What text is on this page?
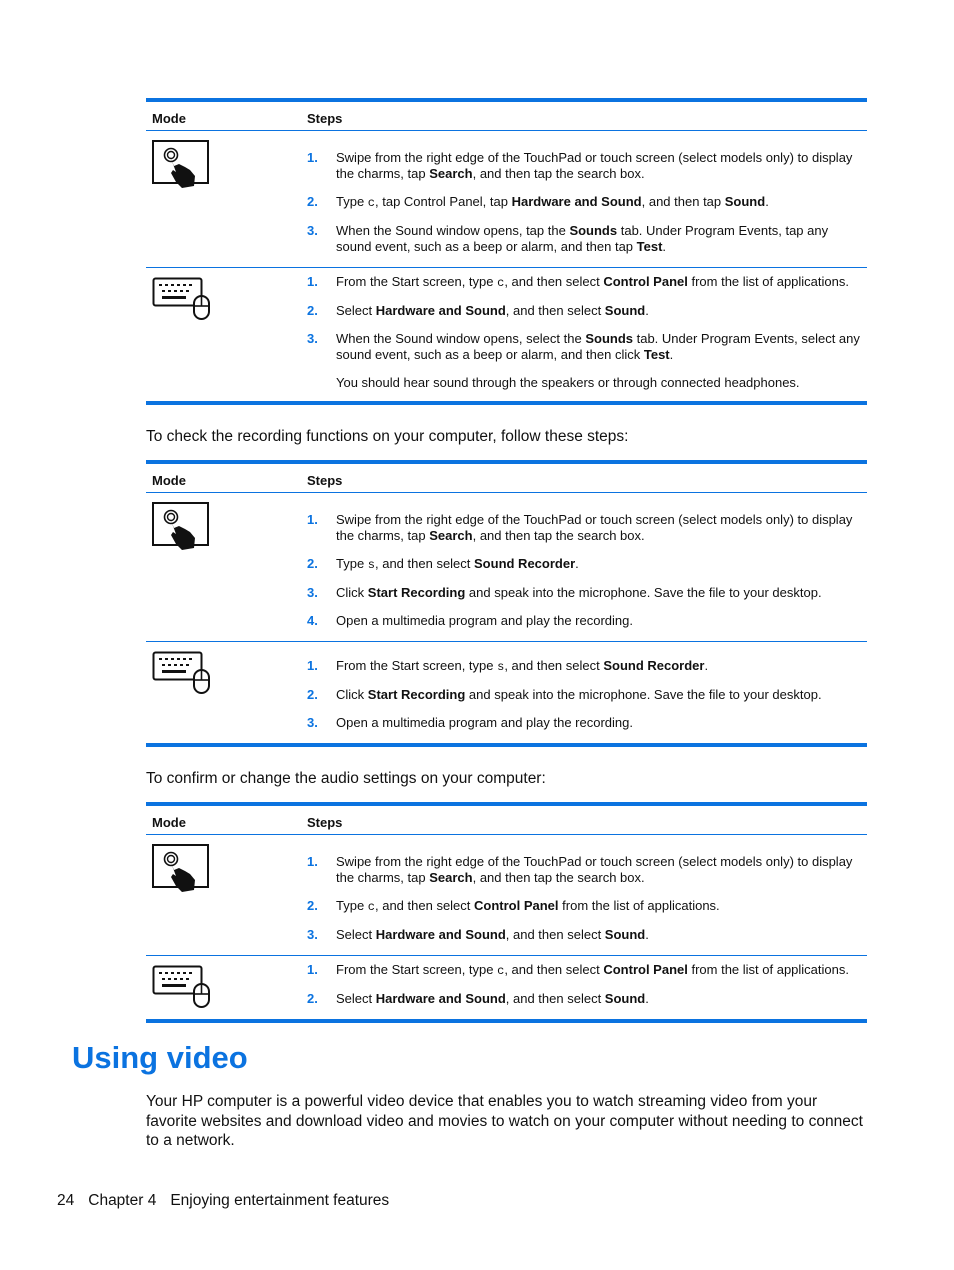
Mode	Steps
1. Swipe from the right edge of the TouchPad or touch screen (select models only) to display the charms, tap Search, and then tap the search box.
2. Type c, tap Control Panel, tap Hardware and Sound, and then tap Sound.
3. When the Sound window opens, tap the Sounds tab. Under Program Events, tap any sound event, such as a beep or alarm, and then tap Test.
1. From the Start screen, type c, and then select Control Panel from the list of applications.
2. Select Hardware and Sound, and then select Sound.
3. When the Sound window opens, select the Sounds tab. Under Program Events, select any sound event, such as a beep or alarm, and then click Test.

You should hear sound through the speakers or through connected headphones.

To check the recording functions on your computer, follow these steps:

Mode	Steps
1. Swipe from the right edge of the TouchPad or touch screen (select models only) to display the charms, tap Search, and then tap the search box.
2. Type s, and then select Sound Recorder.
3. Click Start Recording and speak into the microphone. Save the file to your desktop.
4. Open a multimedia program and play the recording.
1. From the Start screen, type s, and then select Sound Recorder.
2. Click Start Recording and speak into the microphone. Save the file to your desktop.
3. Open a multimedia program and play the recording.

To confirm or change the audio settings on your computer:

Mode	Steps
1. Swipe from the right edge of the TouchPad or touch screen (select models only) to display the charms, tap Search, and then tap the search box.
2. Type c, and then select Control Panel from the list of applications.
3. Select Hardware and Sound, and then select Sound.
1. From the Start screen, type c, and then select Control Panel from the list of applications.
2. Select Hardware and Sound, and then select Sound.
Using video

Your HP computer is a powerful video device that enables you to watch streaming video from your favorite websites and download video and movies to watch on your computer without needing to connect to a network.

24 Chapter 4 Enjoying entertainment features
